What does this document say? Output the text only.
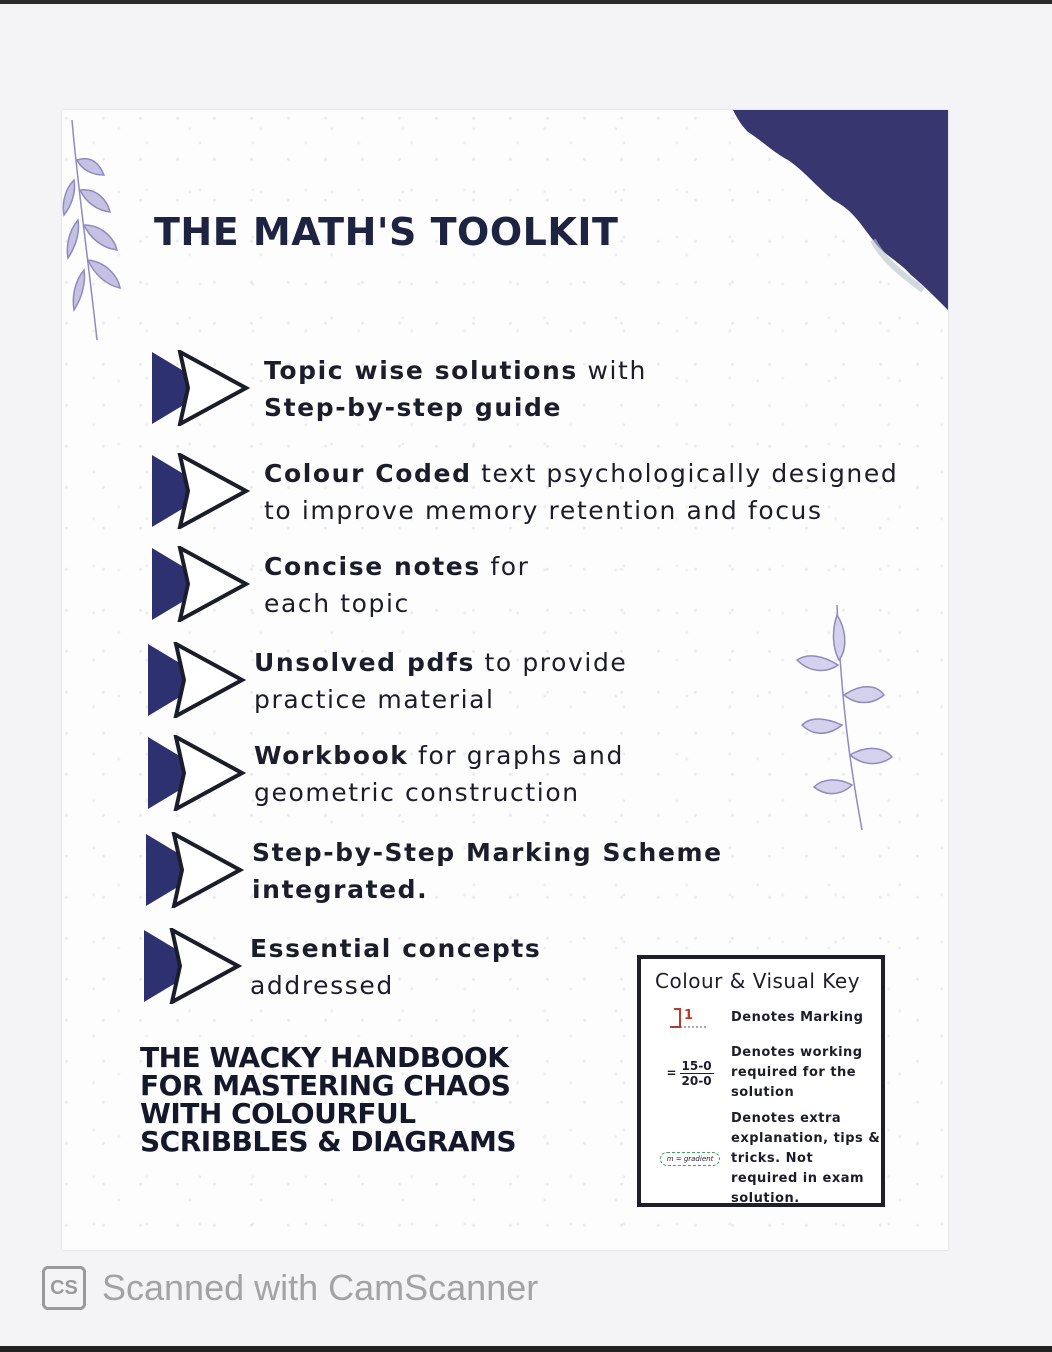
THE MATH'S TOOLKIT
Topic wise solutions with
Step-by-step guide
Colour Coded text psychologically designed
to improve memory retention and focus
Concise notes for
each topic
Unsolved pdfs to provide
practice material
Workbook for graphs and
geometric construction
Step-by-Step Marking Scheme
integrated.
Essential concepts
addressed
THE WACKY HANDBOOK
FOR MASTERING CHAOS
WITH COLOURFUL
SCRIBBLES & DIAGRAMS
Colour & Visual Key
1	Denotes Marking
= $\frac{15-0}{20-0}$
Denotes working
required for the
solution
m = gradient
Denotes extra
explanation, tips &
tricks. Not
required in exam
solution.
CS Scanned with CamScanner
